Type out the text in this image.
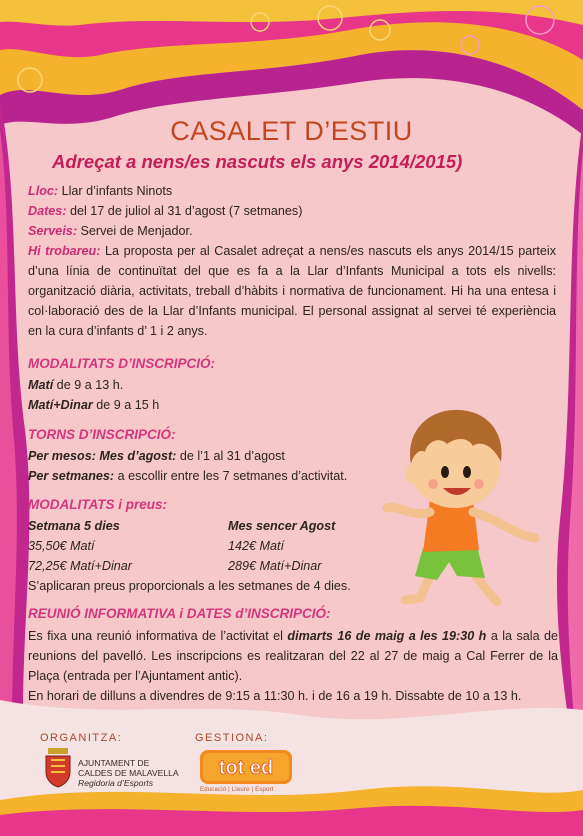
CASALET D’ESTIU
Adreçat a nens/es nascuts els anys 2014/2015)

Lloc: Llar d’infants Ninots

Dates: del 17 de juliol al 31 d’agost (7 setmanes)

Serveis: Servei de Menjador.

Hi trobareu: La proposta per al Casalet adreçat a nens/es nascuts els anys 2014/15 parteix d’una línia de continuïtat del que es fa a la Llar d’Infants Municipal a tots els nivells: organització diària, activitats, treball d’hàbits i normativa de funcionament. Hi ha una entesa i col·laboració des de la Llar d’Infants municipal. El personal assignat al servei té experiència en la cura d’infants d’ 1 i 2 anys.

MODALITATS D’INSCRIPCIÓ:

Matí de 9 a 13 h.

Matí+Dinar de 9 a 15 h

TORNS D’INSCRIPCIÓ:

Per mesos: Mes d’agost: de l’1 al 31 d’agost

Per setmanes: a escollir entre les 7 setmanes d’activitat.

MODALITATS i preus:

Setmana 5 dies

35,50€ Matí

72,25€ Matí+Dinar

Mes sencer Agost

142€ Matí

289€ Matí+Dinar

S’aplicaran preus proporcionals a les setmanes de 4 dies.

REUNIÓ INFORMATIVA i DATES d’INSCRIPCIÓ:

Es fixa una reunió informativa de l’activitat el dimarts 16 de maig a les 19:30 h a la sala de reunions del pavelló. Les inscripcions es realitzaran del 22 al 27 de maig a Cal Ferrer de la Plaça (entrada per l’Ajuntament antic).

En horari de dilluns a divendres de 9:15 a 11:30 h. i de 16 a 19 h. Dissabte de 10 a 13 h.

ORGANITZA:	GESTIONA:
AJUNTAMENT DE
CALDES DE MALAVELLA
Regidoria d’Esports
tot ed
Educació | Lleure | Esport
